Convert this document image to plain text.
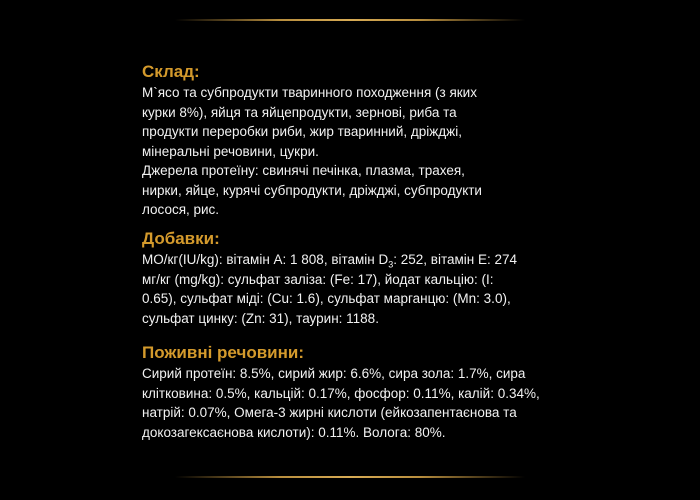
Склад:
М`ясо та субпродукти тваринного походження (з яких
курки 8%), яйця та яйцепродукти, зернові, риба та
продукти переробки риби, жир тваринний, дріжджі,
мінеральні речовини, цукри.
Джерела протеїну: свинячі печінка, плазма, трахея,
нирки, яйце, курячі субпродукти, дріжджі, субпродукти
лосося, рис.
Добавки:
МО/кг(IU/kg): вітамін А: 1 808, вітамін $D_3$: 252, вітамін Е: 274
мг/кг (mg/kg): сульфат заліза: (Fe: 17), йодат кальцію: (I:
0.65), сульфат міді: (Cu: 1.6), сульфат марганцю: (Mn: 3.0),
сульфат цинку: (Zn: 31), таурин: 1188.
Поживні речовини:
Сирий протеїн: 8.5%, сирий жир: 6.6%, сира зола: 1.7%, сира
клітковина: 0.5%, кальцій: 0.17%, фосфор: 0.11%, калій: 0.34%,
натрій: 0.07%, Омега-3 жирні кислоти (ейкозапентаєнова та
докозагексаєнова кислоти): 0.11%. Вологa: 80%.
